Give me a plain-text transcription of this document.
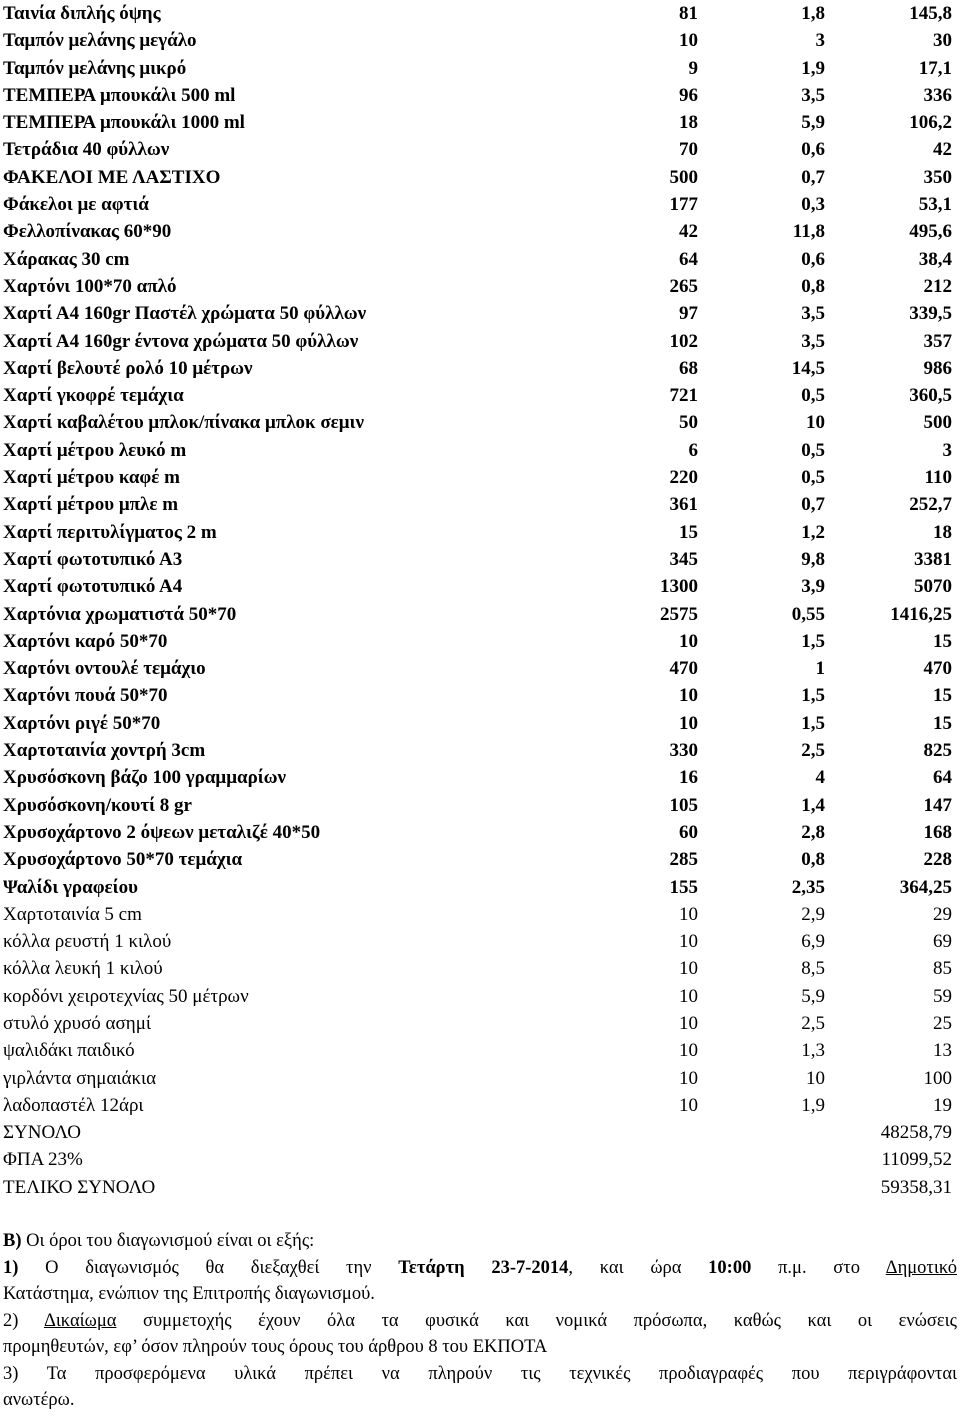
Ταινία διπλής όψης	81	1,8	145,8
Ταμπόν μελάνης μεγάλο	10	3	30
Ταμπόν μελάνης μικρό	9	1,9	17,1
ΤΕΜΠΕΡΑ μπουκάλι 500 ml	96	3,5	336
ΤΕΜΠΕΡΑ μπουκάλι 1000 ml	18	5,9	106,2
Τετράδια 40 φύλλων	70	0,6	42
ΦΑΚΕΛΟΙ ΜΕ ΛΑΣΤΙΧΟ	500	0,7	350
Φάκελοι με αφτιά	177	0,3	53,1
Φελλοπίνακας 60*90	42	11,8	495,6
Χάρακας 30 cm	64	0,6	38,4
Χαρτόνι 100*70 απλό	265	0,8	212
Χαρτί Α4 160gr Παστέλ χρώματα 50 φύλλων	97	3,5	339,5
Χαρτί Α4 160gr έντονα χρώματα 50 φύλλων	102	3,5	357
Χαρτί βελουτέ ρολό 10 μέτρων	68	14,5	986
Χαρτί γκοφρέ τεμάχια	721	0,5	360,5
Χαρτί καβαλέτου μπλοκ/πίνακα μπλοκ σεμιν	50	10	500
Χαρτί μέτρου λευκό m	6	0,5	3
Χαρτί μέτρου καφέ m	220	0,5	110
Χαρτί μέτρου μπλε m	361	0,7	252,7
Χαρτί περιτυλίγματος 2 m	15	1,2	18
Χαρτί φωτοτυπικό Α3	345	9,8	3381
Χαρτί φωτοτυπικό Α4	1300	3,9	5070
Χαρτόνια χρωματιστά 50*70	2575	0,55	1416,25
Χαρτόνι καρό 50*70	10	1,5	15
Χαρτόνι οντουλέ τεμάχιο	470	1	470
Χαρτόνι πουά 50*70	10	1,5	15
Χαρτόνι ριγέ 50*70	10	1,5	15
Χαρτοταινία χοντρή 3cm	330	2,5	825
Χρυσόσκονη βάζο 100 γραμμαρίων	16	4	64
Χρυσόσκονη/κουτί 8 gr	105	1,4	147
Χρυσοχάρτονο 2 όψεων μεταλιζέ 40*50	60	2,8	168
Χρυσοχάρτονο 50*70 τεμάχια	285	0,8	228
Ψαλίδι γραφείου	155	2,35	364,25
Χαρτοταινία 5 cm	10	2,9	29
κόλλα ρευστή 1 κιλού	10	6,9	69
κόλλα λευκή 1 κιλού	10	8,5	85
κορδόνι χειροτεχνίας 50 μέτρων	10	5,9	59
στυλό χρυσό ασημί	10	2,5	25
ψαλιδάκι παιδικό	10	1,3	13
γιρλάντα σημαιάκια	10	10	100
λαδοπαστέλ 12άρι	10	1,9	19
ΣΥΝΟΛΟ	48258,79
ΦΠΑ 23%	11099,52
ΤΕΛΙΚΟ ΣΥΝΟΛΟ	59358,31

Β) Οι όροι του διαγωνισμού είναι οι εξής:

1) Ο διαγωνισμός θα διεξαχθεί την Τετάρτη 23-7-2014, και ώρα 10:00 π.μ. στο Δημοτικό

Κατάστημα, ενώπιον της Επιτροπής διαγωνισμού.

2) Δικαίωμα συμμετοχής έχουν όλα τα φυσικά και νομικά πρόσωπα, καθώς και οι ενώσεις

προμηθευτών, εφ’ όσον πληρούν τους όρους του άρθρου 8 του ΕΚΠΟΤΑ

3) Τα προσφερόμενα υλικά πρέπει να πληρούν τις τεχνικές προδιαγραφές που περιγράφονται

ανωτέρω.
